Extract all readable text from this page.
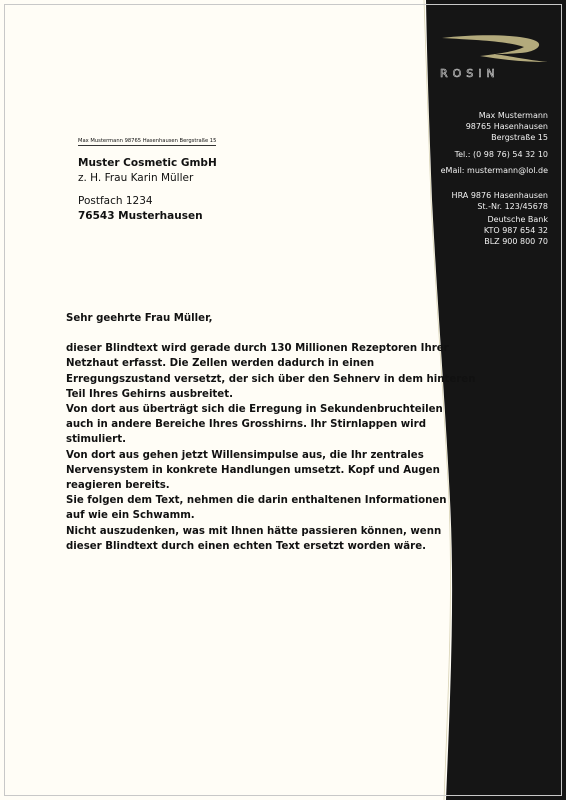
ROSIN
Max Mustermann
98765 Hasenhausen
Bergstraße 15
Tel.: (0 98 76) 54 32 10
eMail: mustermann@lol.de
HRA 9876 Hasenhausen
St.-Nr. 123/45678
Deutsche Bank
KTO 987 654 32
BLZ 900 800 70
Max Mustermann 98765 Hasenhausen Bergstraße 15
Muster Cosmetic GmbH
z. H. Frau Karin Müller
Postfach 1234
76543 Musterhausen

Sehr geehrte Frau Müller,

dieser Blindtext wird gerade durch 130 Millionen Rezeptoren Ihrer

Netzhaut erfasst. Die Zellen werden dadurch in einen

Erregungszustand versetzt, der sich über den Sehnerv in dem hinteren

Teil Ihres Gehirns ausbreitet.

Von dort aus überträgt sich die Erregung in Sekundenbruchteilen

auch in andere Bereiche Ihres Grosshirns. Ihr Stirnlappen wird

stimuliert.

Von dort aus gehen jetzt Willensimpulse aus, die Ihr zentrales

Nervensystem in konkrete Handlungen umsetzt. Kopf und Augen

reagieren bereits.

Sie folgen dem Text, nehmen die darin enthaltenen Informationen

auf wie ein Schwamm.

Nicht auszudenken, was mit Ihnen hätte passieren können, wenn

dieser Blindtext durch einen echten Text ersetzt worden wäre.
